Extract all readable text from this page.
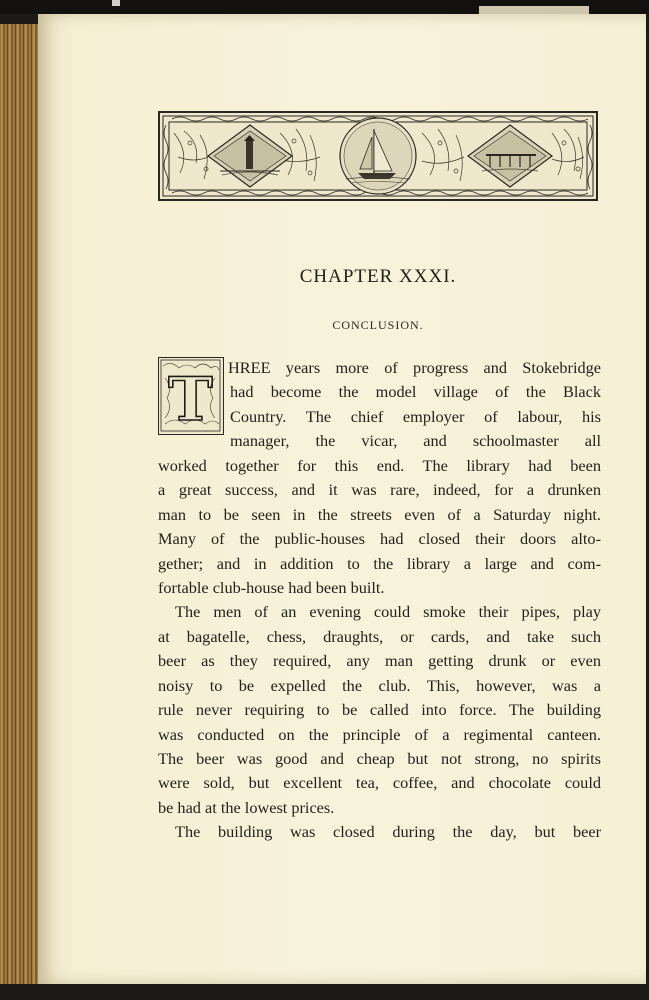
CHAPTER XXXI.
CONCLUSION.
T HREE years more of progress and Stokebridge
had become the model village of the Black
Country. The chief employer of labour, his
manager, the vicar, and schoolmaster all
worked together for this end. The library had been
a great success, and it was rare, indeed, for a drunken
man to be seen in the streets even of a Saturday night.
Many of the public-houses had closed their doors alto-
gether; and in addition to the library a large and com-
fortable club-house had been built.
The men of an evening could smoke their pipes, play
at bagatelle, chess, draughts, or cards, and take such
beer as they required, any man getting drunk or even
noisy to be expelled the club. This, however, was a
rule never requiring to be called into force. The building
was conducted on the principle of a regimental canteen.
The beer was good and cheap but not strong, no spirits
were sold, but excellent tea, coffee, and chocolate could
be had at the lowest prices.
The building was closed during the day, but beer
